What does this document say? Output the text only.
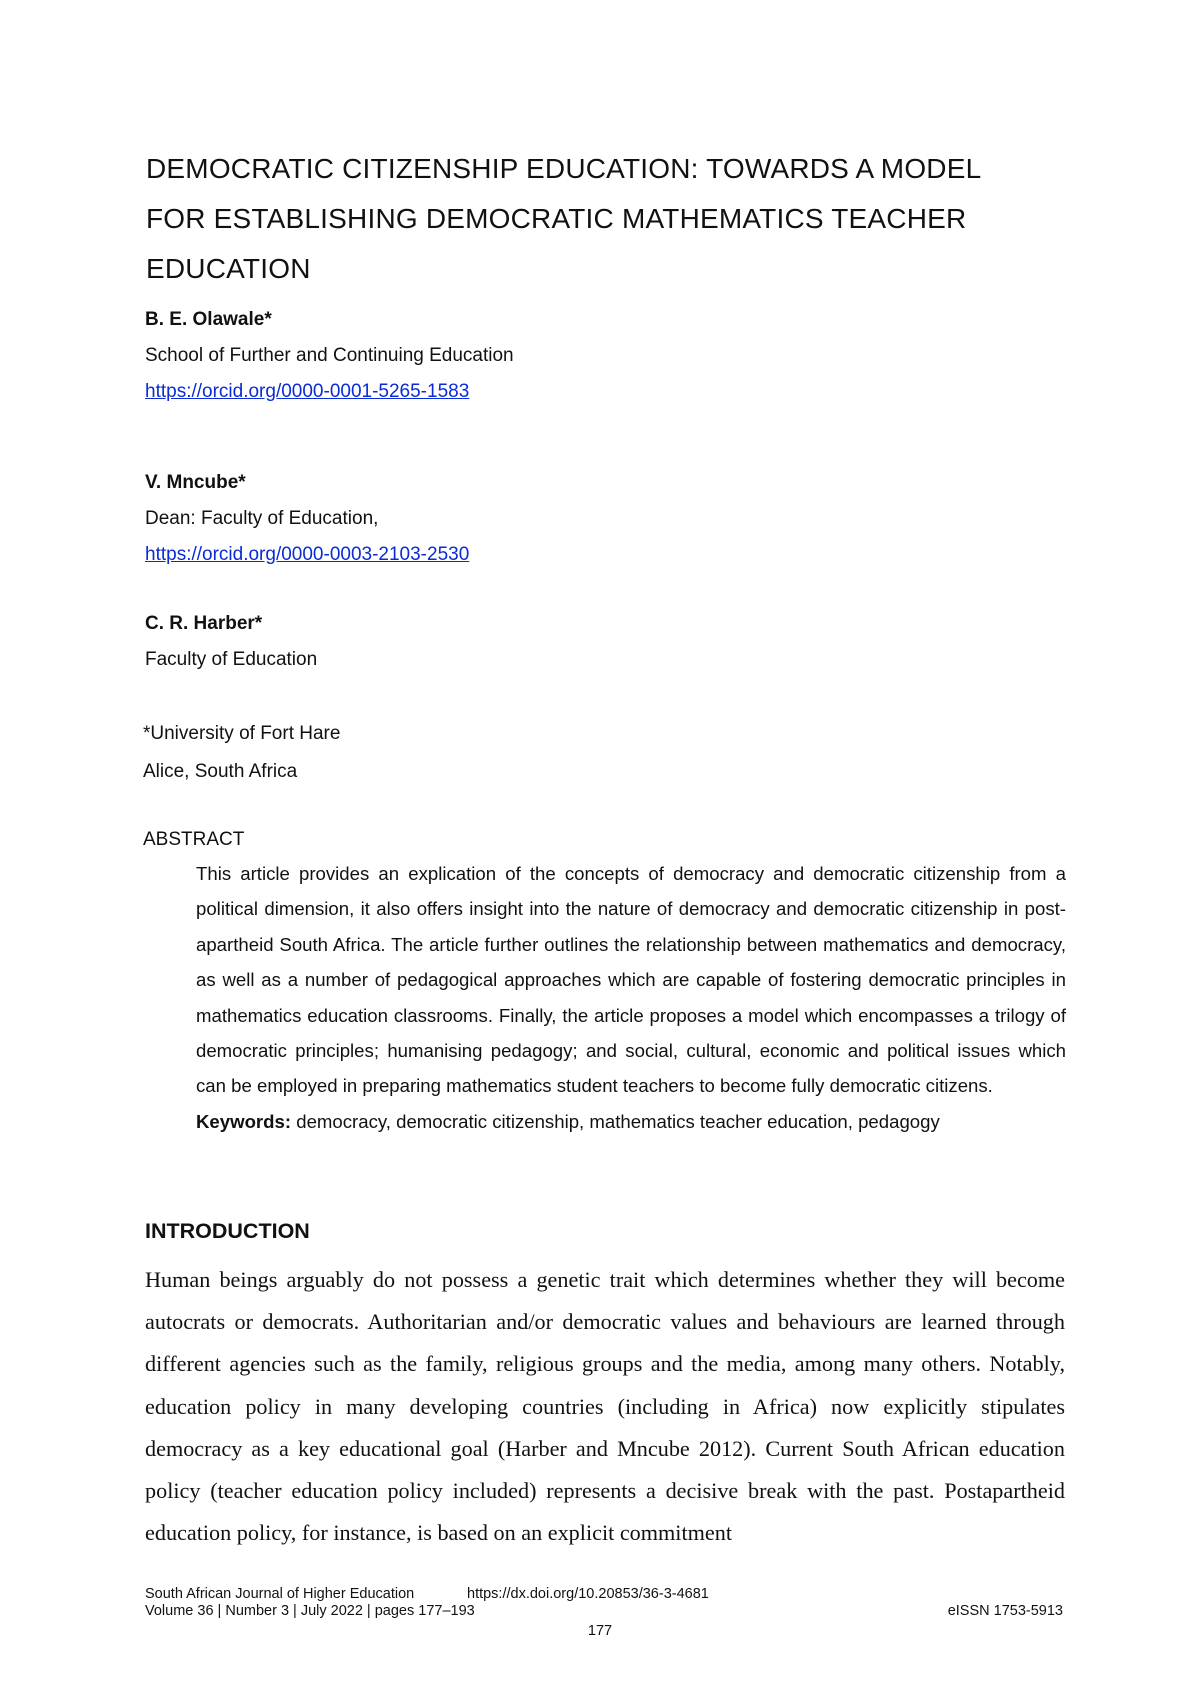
DEMOCRATIC CITIZENSHIP EDUCATION: TOWARDS A MODEL
FOR ESTABLISHING DEMOCRATIC MATHEMATICS TEACHER
EDUCATION
B. E. Olawale*
School of Further and Continuing Education
https://orcid.org/0000-0001-5265-1583
V. Mncube*
Dean: Faculty of Education,
https://orcid.org/0000-0003-2103-2530
C. R. Harber*
Faculty of Education
*University of Fort Hare
Alice, South Africa
ABSTRACT
This article provides an explication of the concepts of democracy and democratic citizenship from a political dimension, it also offers insight into the nature of democracy and democratic citizenship in post-apartheid South Africa. The article further outlines the relationship between mathematics and democracy, as well as a number of pedagogical approaches which are capable of fostering democratic principles in mathematics education classrooms. Finally, the article proposes a model which encompasses a trilogy of democratic principles; humanising pedagogy; and social, cultural, economic and political issues which can be employed in preparing mathematics student teachers to become fully democratic citizens.
Keywords: democracy, democratic citizenship, mathematics teacher education, pedagogy
INTRODUCTION
Human beings arguably do not possess a genetic trait which determines whether they will become autocrats or democrats. Authoritarian and/or democratic values and behaviours are learned through different agencies such as the family, religious groups and the media, among many others. Notably, education policy in many developing countries (including in Africa) now explicitly stipulates democracy as a key educational goal (Harber and Mncube 2012). Current South African education policy (teacher education policy included) represents a decisive break with the past. Postapartheid education policy, for instance, is based on an explicit commitment
South African Journal of Higher Education	https://dx.doi.org/10.20853/36-3-4681
Volume 36 | Number 3 | July 2022 | pages 177–193	eISSN 1753-5913
177
